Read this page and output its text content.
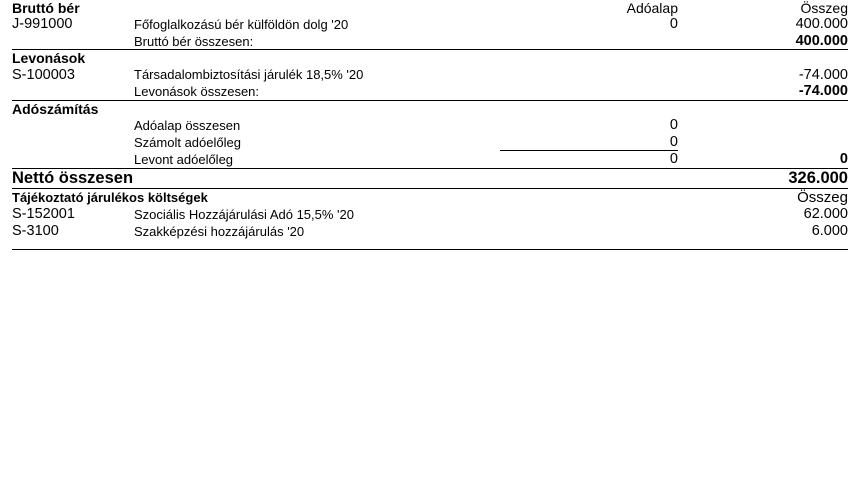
Bruttó bér		Adóalap	Összeg
J-991000	Főfoglalkozású bér külföldön dolg '20	0	400.000
	Bruttó bér összesen:		400.000
Levonások			
S-100003	Társadalombiztosítási járulék 18,5% '20		-74.000
	Levonások összesen:		-74.000
Adószámítás			
	Adóalap összesen	0	
	Számolt adóelőleg	0	
	Levont adóelőleg	0	0
Nettó összesen			326.000
Tájékoztató járulékos költségek			Összeg
S-152001	Szociális Hozzájárulási Adó 15,5% '20		62.000
S-3100	Szakképzési hozzájárulás '20		6.000
